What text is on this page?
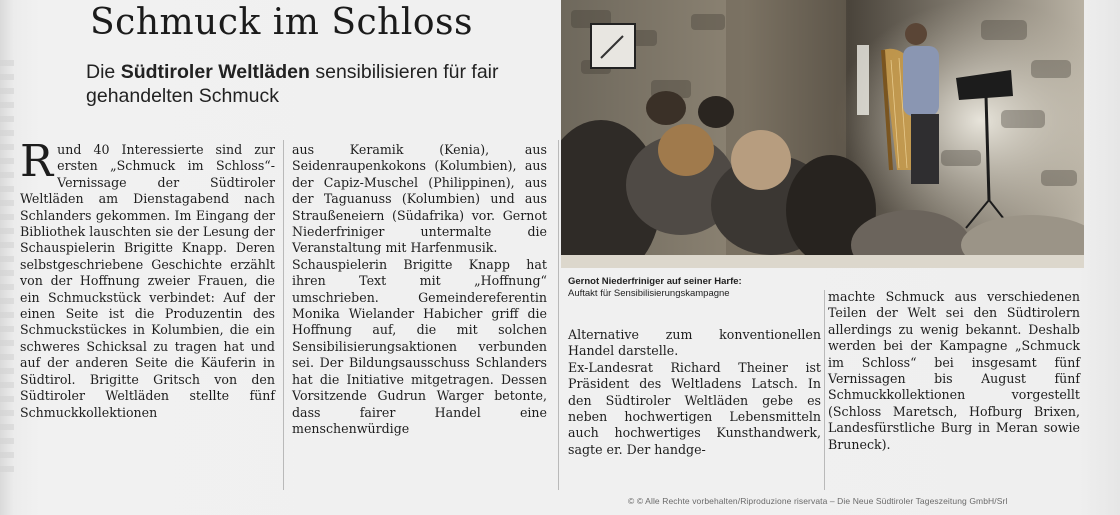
Schmuck im Schloss

Die Südtiroler Weltläden sensibilisieren für fair gehandelten Schmuck

Rund 40 Interessierte sind zur ersten „Schmuck im Schloss“-Vernissage der Südtiroler Weltläden am Dienstagabend nach Schlanders gekommen. Im Eingang der Bibliothek lauschten sie der Lesung der Schauspielerin Brigitte Knapp. Deren selbstgeschriebene Geschichte erzählt von der Hoffnung zweier Frauen, die ein Schmuckstück verbindet: Auf der einen Seite ist die Produzentin des Schmuckstückes in Kolumbien, die ein schweres Schicksal zu tragen hat und auf der anderen Seite die Käuferin in Südtirol. Brigitte Gritsch von den Südtiroler Weltläden stellte fünf Schmuckkollektionen

aus Keramik (Kenia), aus Seidenraupenkokons (Kolumbien), aus der Capiz-Muschel (Philippinen), aus der Taguanuss (Kolumbien) und aus Straußeneiern (Südafrika) vor. Gernot Niederfriniger untermalte die Veranstaltung mit Harfenmusik.

Schauspielerin Brigitte Knapp hat ihren Text mit „Hoffnung“ umschrieben. Gemeindereferentin Monika Wielander Habicher griff die Hoffnung auf, die mit solchen Sensibilisierungsaktionen verbunden sei. Der Bildungsausschuss Schlanders hat die Initiative mitgetragen. Dessen Vorsitzende Gudrun Warger betonte, dass fairer Handel eine menschenwürdige

Gernot Niederfriniger auf seiner Harfe:
Auftakt für Sensibilisierungskampagne

Alternative zum konventionellen Handel darstelle.

Ex-Landesrat Richard Theiner ist Präsident des Weltladens Latsch. In den Südtiroler Weltläden gebe es neben hochwertigen Lebensmitteln auch hochwertiges Kunsthandwerk, sagte er. Der handge-

machte Schmuck aus verschiedenen Teilen der Welt sei den Südtirolern allerdings zu wenig bekannt. Deshalb werden bei der Kampagne „Schmuck im Schloss“ bei insgesamt fünf Vernissagen bis August fünf Schmuckkollektionen vorgestellt (Schloss Maretsch, Hofburg Brixen, Landesfürstliche Burg in Meran sowie Bruneck).

© © Alle Rechte vorbehalten/Riproduzione riservata – Die Neue Südtiroler Tageszeitung GmbH/Srl
